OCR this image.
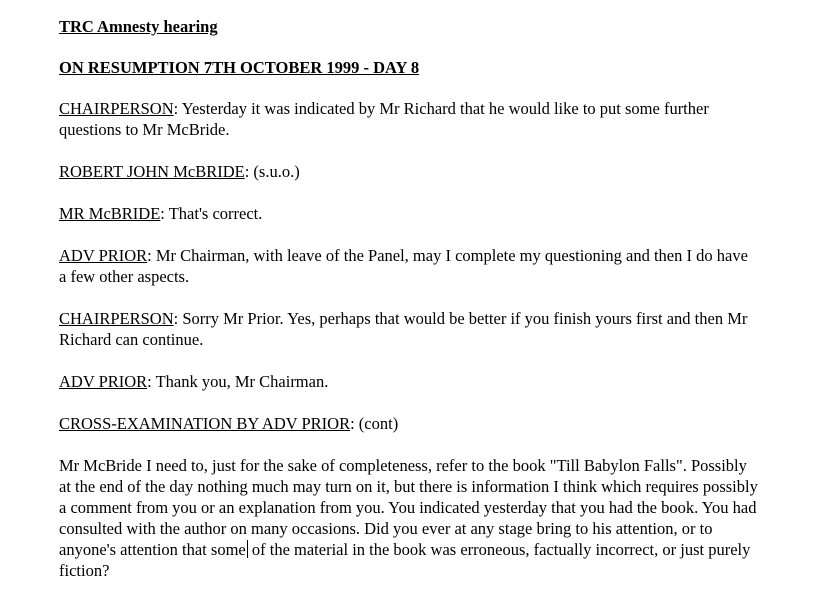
TRC Amnesty hearing
ON RESUMPTION 7TH OCTOBER 1999 - DAY 8
CHAIRPERSON: Yesterday it was indicated by Mr Richard that he would like to put some further questions to Mr McBride.
ROBERT JOHN McBRIDE: (s.u.o.)
MR McBRIDE: That's correct.
ADV PRIOR: Mr Chairman, with leave of the Panel, may I complete my questioning and then I do have a few other aspects.
CHAIRPERSON: Sorry Mr Prior. Yes, perhaps that would be better if you finish yours first and then Mr Richard can continue.
ADV PRIOR: Thank you, Mr Chairman.
CROSS-EXAMINATION BY ADV PRIOR: (cont)
Mr McBride I need to, just for the sake of completeness, refer to the book "Till Babylon Falls". Possibly at the end of the day nothing much may turn on it, but there is information I think which requires possibly a comment from you or an explanation from you. You indicated yesterday that you had the book. You had consulted with the author on many occasions. Did you ever at any stage bring to his attention, or to anyone's attention that some of the material in the book was erroneous, factually incorrect, or just purely fiction?
